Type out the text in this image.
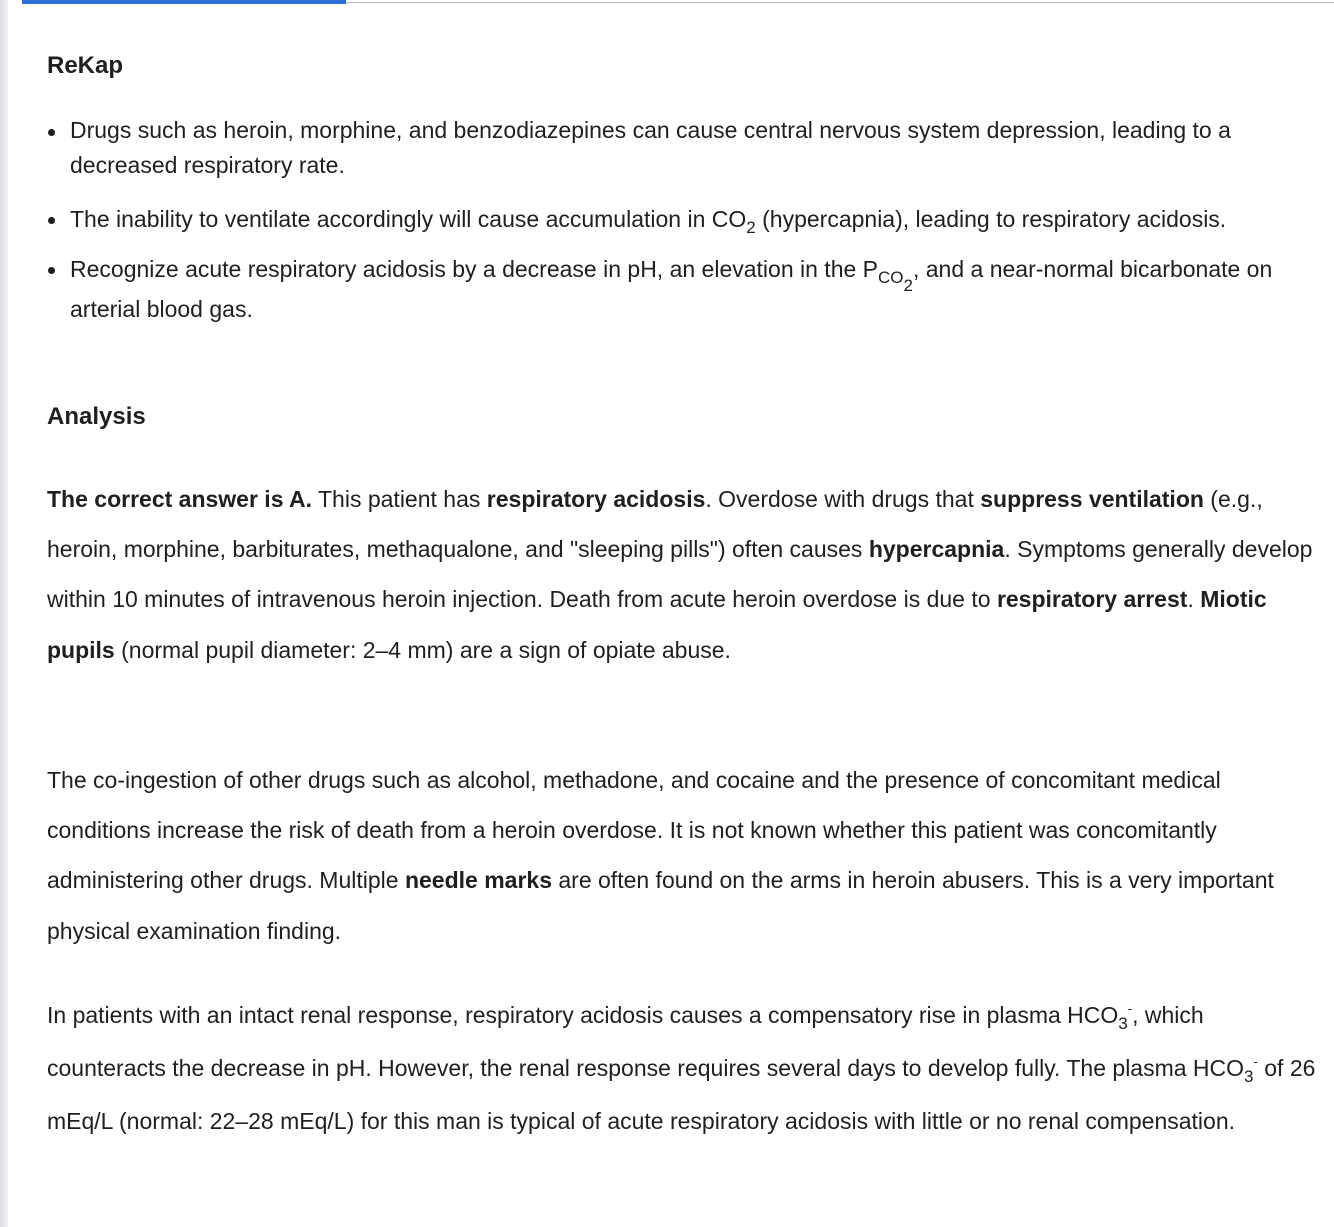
ReKap
Drugs such as heroin, morphine, and benzodiazepines can cause central nervous system depression, leading to a decreased respiratory rate.
The inability to ventilate accordingly will cause accumulation in $CO_2$ (hypercapnia), leading to respiratory acidosis.
Recognize acute respiratory acidosis by a decrease in pH, an elevation in the $P_{CO_2}$, and a near-normal bicarbonate on arterial blood gas.
Analysis

The correct answer is A. This patient has respiratory acidosis. Overdose with drugs that suppress ventilation (e.g., heroin, morphine, barbiturates, methaqualone, and "sleeping pills") often causes hypercapnia. Symptoms generally develop within 10 minutes of intravenous heroin injection. Death from acute heroin overdose is due to respiratory arrest. Miotic pupils (normal pupil diameter: 2–4 mm) are a sign of opiate abuse.

The co-ingestion of other drugs such as alcohol, methadone, and cocaine and the presence of concomitant medical conditions increase the risk of death from a heroin overdose. It is not known whether this patient was concomitantly administering other drugs. Multiple needle marks are often found on the arms in heroin abusers. This is a very important physical examination finding.

In patients with an intact renal response, respiratory acidosis causes a compensatory rise in plasma $HCO_3^-$, which counteracts the decrease in pH. However, the renal response requires several days to develop fully. The plasma $HCO_3^-$ of 26 mEq/L (normal: 22–28 mEq/L) for this man is typical of acute respiratory acidosis with little or no renal compensation.
